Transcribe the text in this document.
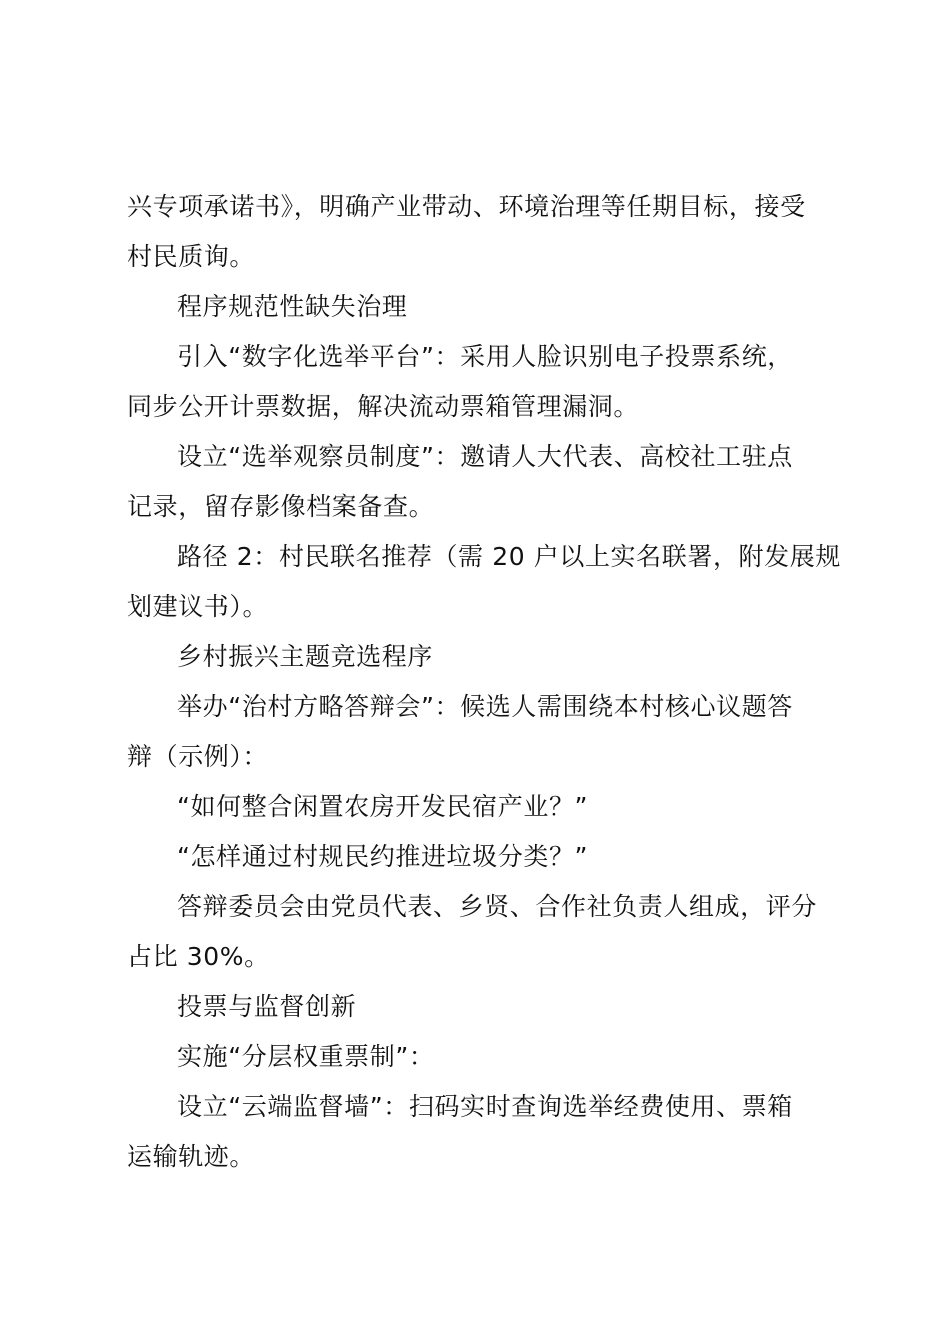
兴专项承诺书》，明确产业带动、环境治理等任期目标，接受
村民质询。
程序规范性缺失治理
引入“数字化选举平台”：采用人脸识别电子投票系统，
同步公开计票数据，解决流动票箱管理漏洞。
设立“选举观察员制度”：邀请人大代表、高校社工驻点
记录，留存影像档案备查。
路径 2：村民联名推荐（需 20 户以上实名联署，附发展规
划建议书）。
乡村振兴主题竞选程序
举办“治村方略答辩会”：候选人需围绕本村核心议题答
辩（示例）：
“如何整合闲置农房开发民宿产业？”
“怎样通过村规民约推进垃圾分类？”
答辩委员会由党员代表、乡贤、合作社负责人组成，评分
占比 30%。
投票与监督创新
实施“分层权重票制”：
设立“云端监督墙”：扫码实时查询选举经费使用、票箱
运输轨迹。
